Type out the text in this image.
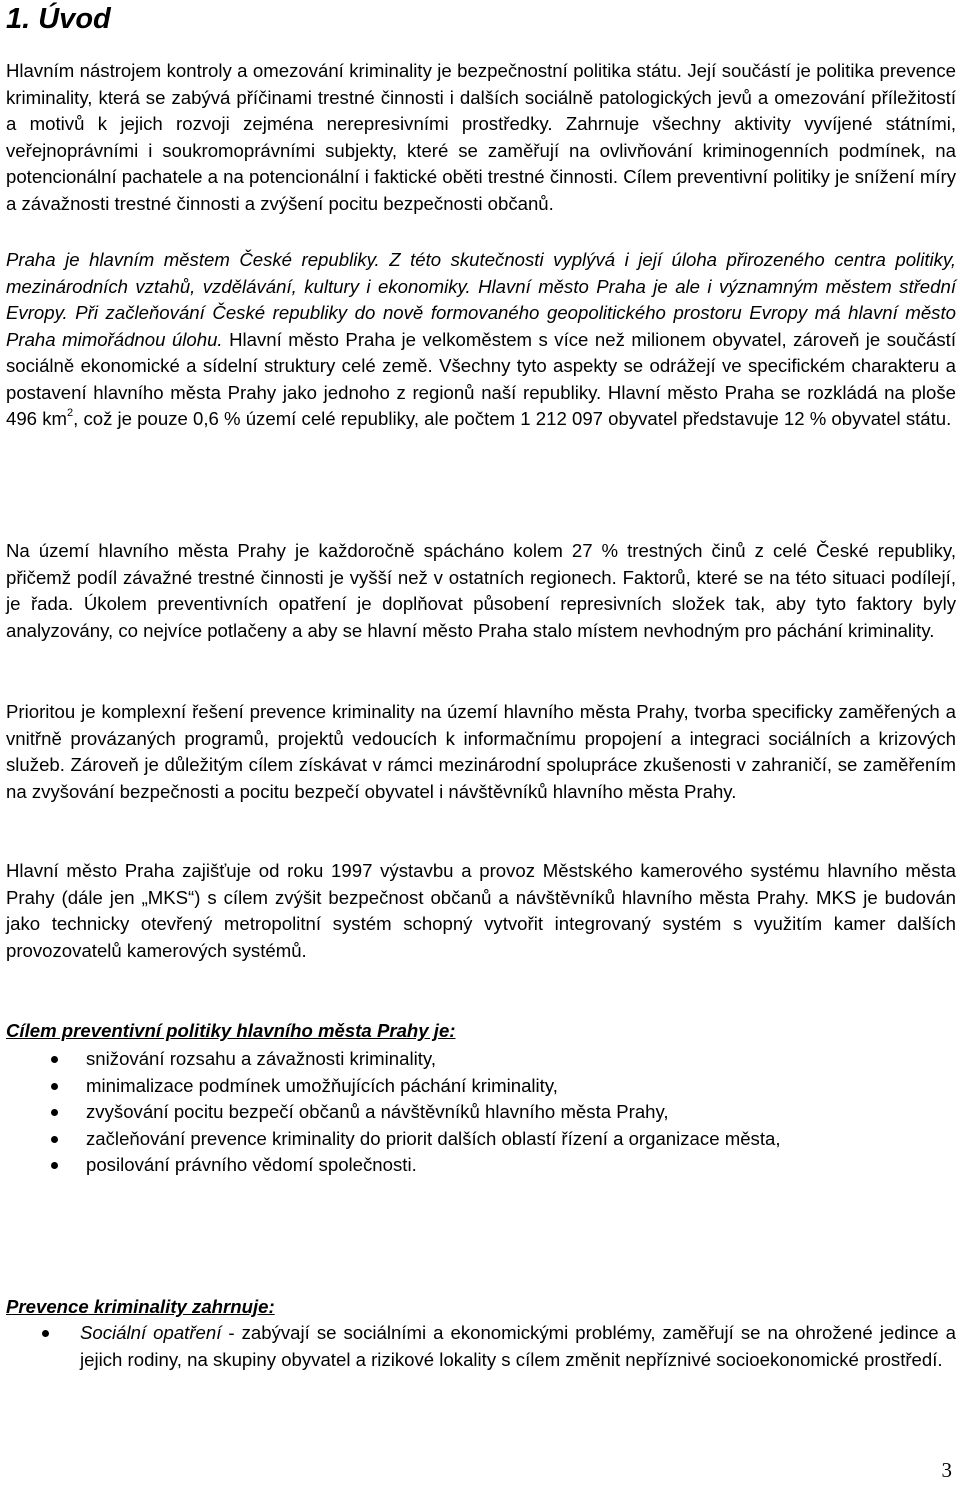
1. Úvod

Hlavním nástrojem kontroly a omezování kriminality je bezpečnostní politika státu. Její součástí je politika prevence kriminality, která se zabývá příčinami trestné činnosti i dalších sociálně patologických jevů a omezování příležitostí a motivů k jejich rozvoji zejména nerepresivními prostředky. Zahrnuje všechny aktivity vyvíjené státními, veřejnoprávními i soukromoprávními subjekty, které se zaměřují na ovlivňování kriminogenních podmínek, na potencionální pachatele a na potencionální i faktické oběti trestné činnosti. Cílem preventivní politiky je snížení míry a závažnosti trestné činnosti a zvýšení pocitu bezpečnosti občanů.

Praha je hlavním městem České republiky. Z této skutečnosti vyplývá i její úloha přirozeného centra politiky, mezinárodních vztahů, vzdělávání, kultury i ekonomiky. Hlavní město Praha je ale i významným městem střední Evropy. Při začleňování České republiky do nově formovaného geopolitického prostoru Evropy má hlavní město Praha mimořádnou úlohu. Hlavní město Praha je velkoměstem s více než milionem obyvatel, zároveň je součástí sociálně ekonomické a sídelní struktury celé země. Všechny tyto aspekty se odrážejí ve specifickém charakteru a postavení hlavního města Prahy jako jednoho z regionů naší republiky. Hlavní město Praha se rozkládá na ploše 496 $km^2$, což je pouze 0,6 % území celé republiky, ale počtem 1 212 097 obyvatel představuje 12 % obyvatel státu.

Na území hlavního města Prahy je každoročně spácháno kolem 27 % trestných činů z celé České republiky, přičemž podíl závažné trestné činnosti je vyšší než v ostatních regionech. Faktorů, které se na této situaci podílejí, je řada. Úkolem preventivních opatření je doplňovat působení represivních složek tak, aby tyto faktory byly analyzovány, co nejvíce potlačeny a aby se hlavní město Praha stalo místem nevhodným pro páchání kriminality.

Prioritou je komplexní řešení prevence kriminality na území hlavního města Prahy, tvorba specificky zaměřených a vnitřně provázaných programů, projektů vedoucích k informačnímu propojení a integraci sociálních a krizových služeb. Zároveň je důležitým cílem získávat v rámci mezinárodní spolupráce zkušenosti v zahraničí, se zaměřením na zvyšování bezpečnosti a pocitu bezpečí obyvatel i návštěvníků hlavního města Prahy.

Hlavní město Praha zajišťuje od roku 1997 výstavbu a provoz Městského kamerového systému hlavního města Prahy (dále jen „MKS“) s cílem zvýšit bezpečnost občanů a návštěvníků hlavního města Prahy. MKS je budován jako technicky otevřený metropolitní systém schopný vytvořit integrovaný systém s využitím kamer dalších provozovatelů kamerových systémů.

Cílem preventivní politiky hlavního města Prahy je:

snižování rozsahu a závažnosti kriminality,
minimalizace podmínek umožňujících páchání kriminality,
zvyšování pocitu bezpečí občanů a návštěvníků hlavního města Prahy,
začleňování prevence kriminality do priorit dalších oblastí řízení a organizace města,
posilování právního vědomí společnosti.

Prevence kriminality zahrnuje:

Sociální opatření - zabývají se sociálními a ekonomickými problémy, zaměřují se na ohrožené jedince a jejich rodiny, na skupiny obyvatel a rizikové lokality s cílem změnit nepříznivé socioekonomické prostředí.
3
